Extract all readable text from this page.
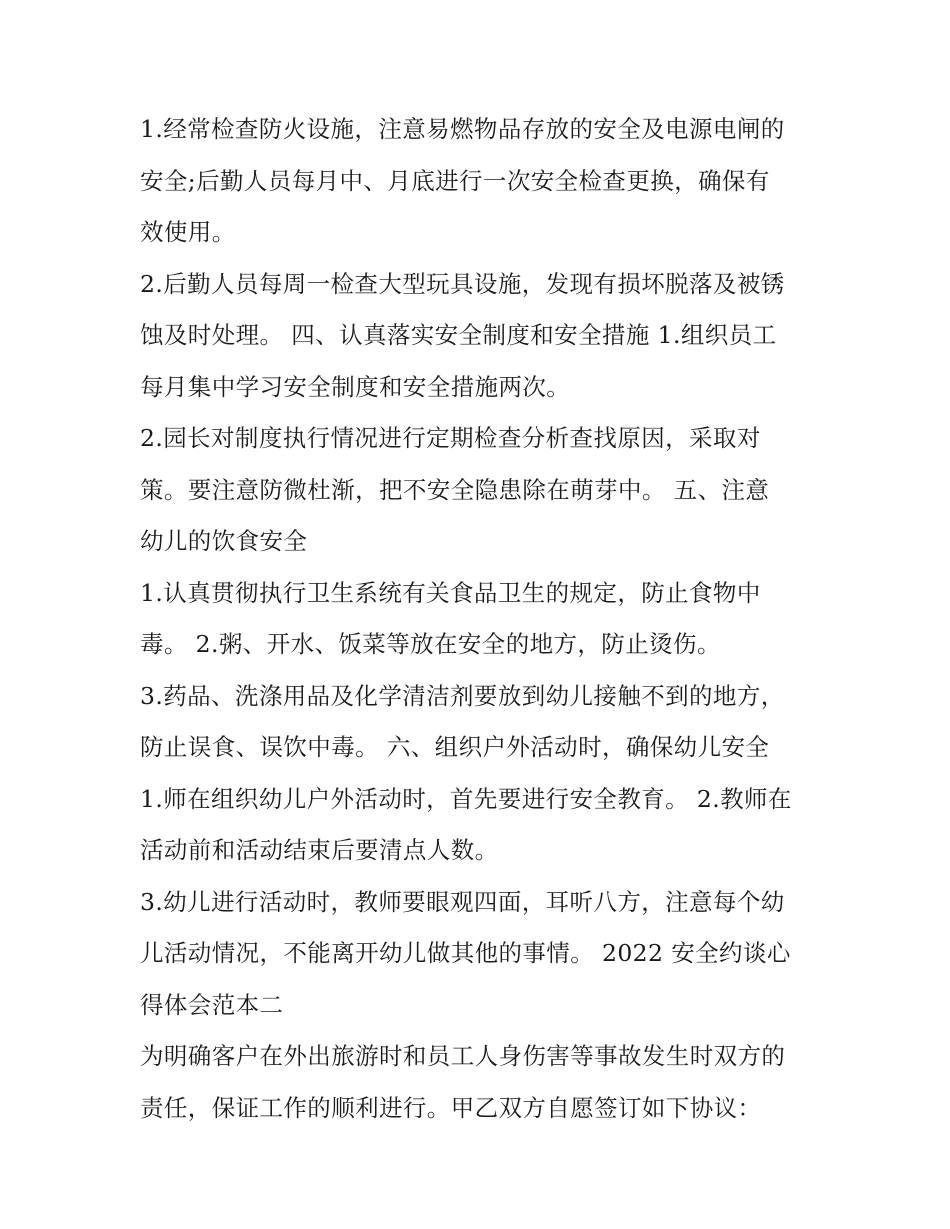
1.经常检查防火设施，注意易燃物品存放的安全及电源电闸的
安全;后勤人员每月中、月底进行一次安全检查更换，确保有
效使用。
2.后勤人员每周一检查大型玩具设施，发现有损坏脱落及被锈
蚀及时处理。 四、认真落实安全制度和安全措施 1.组织员工
每月集中学习安全制度和安全措施两次。
2.园长对制度执行情况进行定期检查分析查找原因，采取对
策。要注意防微杜渐，把不安全隐患除在萌芽中。 五、注意
幼儿的饮食安全
1.认真贯彻执行卫生系统有关食品卫生的规定，防止食物中
毒。 2.粥、开水、饭菜等放在安全的地方，防止烫伤。
3.药品、洗涤用品及化学清洁剂要放到幼儿接触不到的地方，
防止误食、误饮中毒。 六、组织户外活动时，确保幼儿安全
1.师在组织幼儿户外活动时，首先要进行安全教育。 2.教师在
活动前和活动结束后要清点人数。
3.幼儿进行活动时，教师要眼观四面，耳听八方，注意每个幼
儿活动情况，不能离开幼儿做其他的事情。 2022 安全约谈心
得体会范本二
为明确客户在外出旅游时和员工人身伤害等事故发生时双方的
责任，保证工作的顺利进行。甲乙双方自愿签订如下协议：
